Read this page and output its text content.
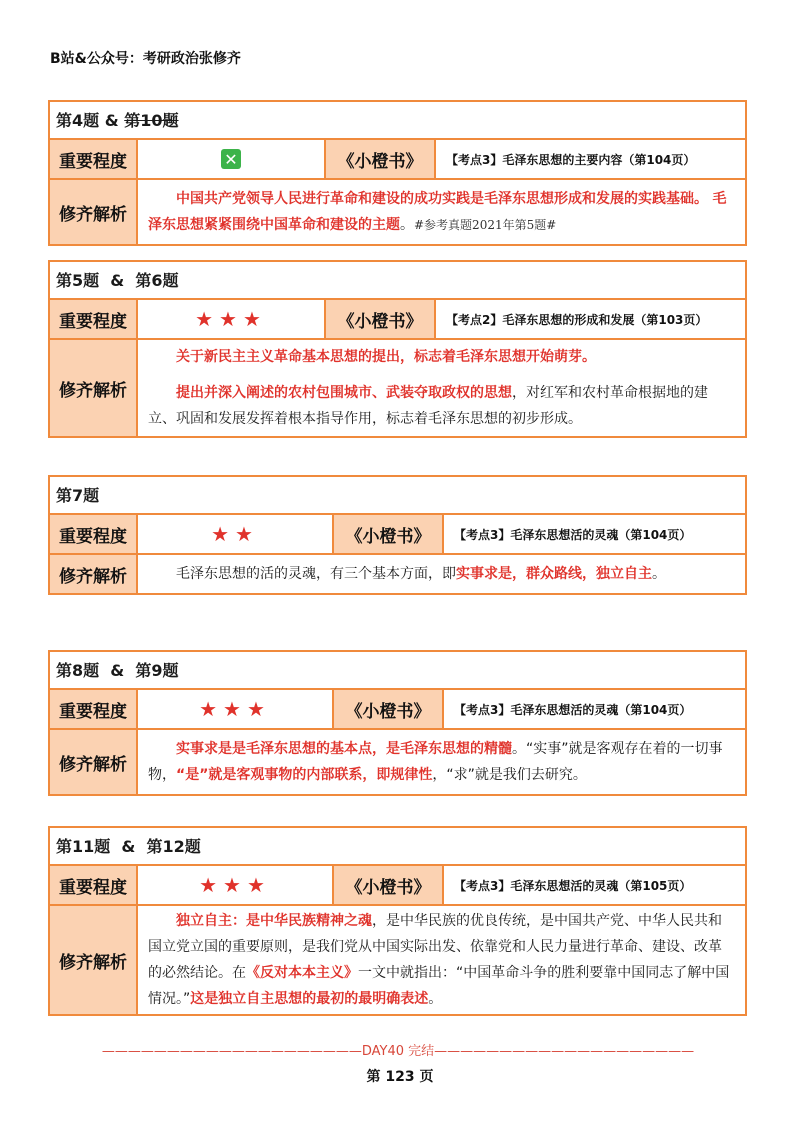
B站&公众号：考研政治张修齐
第4题 & 第10题
重要程度	✕	《小橙书》	【考点3】毛泽东思想的主要内容（第104页）
修齐解析

中国共产党领导人民进行革命和建设的成功实践是毛泽东思想形成和发展的实践基础。 毛泽东思想紧紧围绕中国革命和建设的主题。#参考真题2021年第5题#

第5题  &  第6题
重要程度	★★★	《小橙书》	【考点2】毛泽东思想的形成和发展（第103页）
修齐解析

关于新民主主义革命基本思想的提出，标志着毛泽东思想开始萌芽。

提出并深入阐述的农村包围城市、武装夺取政权的思想，对红军和农村革命根据地的建立、巩固和发展发挥着根本指导作用，标志着毛泽东思想的初步形成。

第7题
重要程度	★★	《小橙书》	【考点3】毛泽东思想活的灵魂（第104页）
修齐解析	毛泽东思想的活的灵魂，有三个基本方面，即实事求是，群众路线，独立自主。

第8题  &  第9题
重要程度	★★★	《小橙书》	【考点3】毛泽东思想活的灵魂（第104页）
修齐解析

实事求是是毛泽东思想的基本点，是毛泽东思想的精髓。“实事”就是客观存在着的一切事物，“是”就是客观事物的内部联系，即规律性，“求”就是我们去研究。

第11题  &  第12题
重要程度	★★★	《小橙书》	【考点3】毛泽东思想活的灵魂（第105页）
修齐解析

独立自主：是中华民族精神之魂，是中华民族的优良传统，是中国共产党、中华人民共和国立党立国的重要原则，是我们党从中国实际出发、依靠党和人民力量进行革命、建设、改革的必然结论。在《反对本本主义》一文中就指出：“中国革命斗争的胜利要靠中国同志了解中国情况。”这是独立自主思想的最初的最明确表述。

————————————————————DAY40 完结————————————————————
第 123 页
